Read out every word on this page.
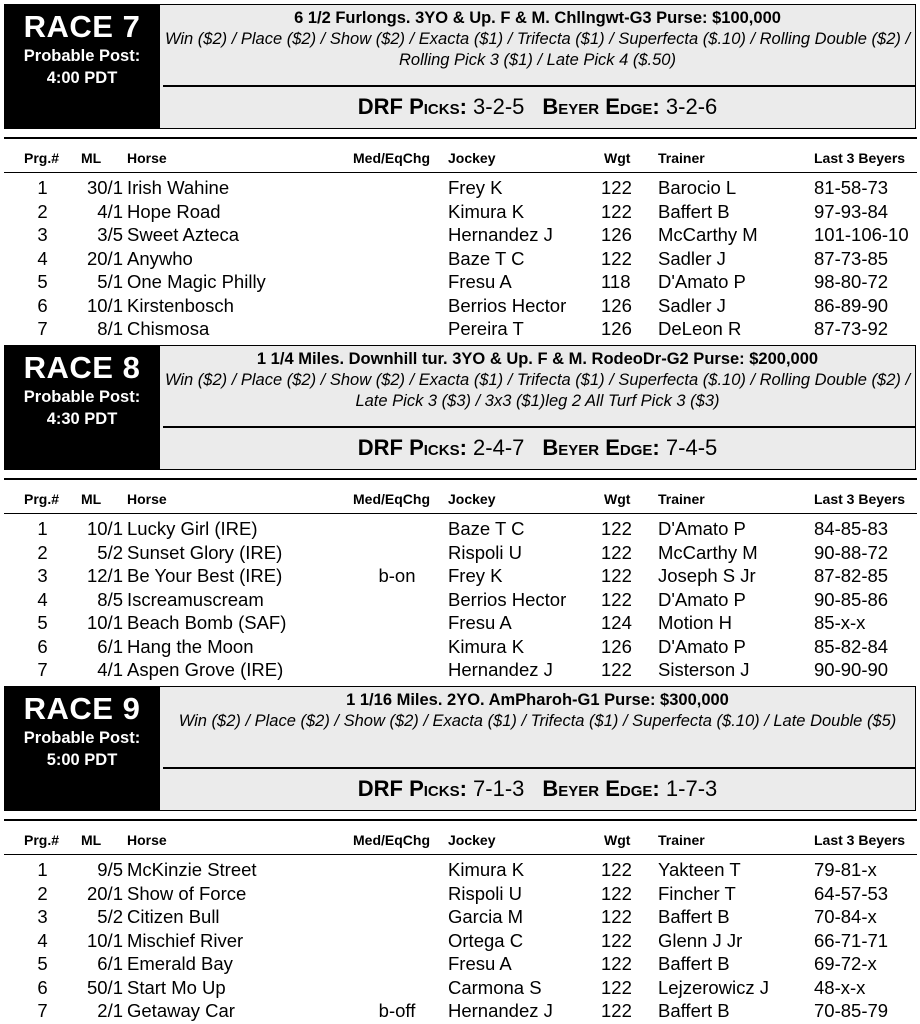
RACE 7
Probable Post:
4:00 PDT
6 1/2 Furlongs. 3YO & Up. F & M. Chllngwt-G3 Purse: $100,000
Win ($2) / Place ($2) / Show ($2) / Exacta ($1) / Trifecta ($1) / Superfecta ($.10) / Rolling Double ($2) / Rolling Pick 3 ($1) / Late Pick 4 ($.50)
DRF Picks: 3-2-5 Beyer Edge: 3-2-6
Prg.# ML Horse	Med/EqChg Jockey	Wgt Trainer	Last 3 Beyers
1	30/1 Irish Wahine	Frey K	122 Barocio L	81-58-73
2	4/1 Hope Road	Kimura K	122 Baffert B	97-93-84
3	3/5 Sweet Azteca	Hernandez J	126 McCarthy M	101-106-10
4	20/1 Anywho	Baze T C	122 Sadler J	87-73-85
5	5/1 One Magic Philly	Fresu A	118 D'Amato P	98-80-72
6	10/1 Kirstenbosch	Berrios Hector 126 Sadler J	86-89-90
7	8/1 Chismosa	Pereira T	126 DeLeon R	87-73-92
RACE 8
Probable Post:
4:30 PDT
1 1/4 Miles. Downhill tur. 3YO & Up. F & M. RodeoDr-G2 Purse: $200,000
Win ($2) / Place ($2) / Show ($2) / Exacta ($1) / Trifecta ($1) / Superfecta ($.10) / Rolling Double ($2) / Late Pick 3 ($3) / 3x3 ($1)leg 2 All Turf Pick 3 ($3)
DRF Picks: 2-4-7 Beyer Edge: 7-4-5
Prg.# ML Horse	Med/EqChg Jockey	Wgt Trainer	Last 3 Beyers
1	10/1 Lucky Girl (IRE)	Baze T C	122 D'Amato P	84-85-83
2	5/2 Sunset Glory (IRE)	Rispoli U	122 McCarthy M	90-88-72
3	12/1 Be Your Best (IRE)	b-on	Frey K	122 Joseph S Jr	87-82-85
4	8/5 Iscreamuscream	Berrios Hector 122 D'Amato P	90-85-86
5	10/1 Beach Bomb (SAF)	Fresu A	124 Motion H	85-x-x
6	6/1 Hang the Moon	Kimura K	126 D'Amato P	85-82-84
7	4/1 Aspen Grove (IRE)	Hernandez J	122 Sisterson J	90-90-90
RACE 9
Probable Post:
5:00 PDT
1 1/16 Miles. 2YO. AmPharoh-G1 Purse: $300,000
Win ($2) / Place ($2) / Show ($2) / Exacta ($1) / Trifecta ($1) / Superfecta ($.10) / Late Double ($5)
DRF Picks: 7-1-3 Beyer Edge: 1-7-3
Prg.# ML Horse	Med/EqChg Jockey	Wgt Trainer	Last 3 Beyers
1	9/5 McKinzie Street	Kimura K	122 Yakteen T	79-81-x
2	20/1 Show of Force	Rispoli U	122 Fincher T	64-57-53
3	5/2 Citizen Bull	Garcia M	122 Baffert B	70-84-x
4	10/1 Mischief River	Ortega C	122 Glenn J Jr	66-71-71
5	6/1 Emerald Bay	Fresu A	122 Baffert B	69-72-x
6	50/1 Start Mo Up	Carmona S	122 Lejzerowicz J 48-x-x
7	2/1 Getaway Car	b-off	Hernandez J	122 Baffert B	70-85-79
